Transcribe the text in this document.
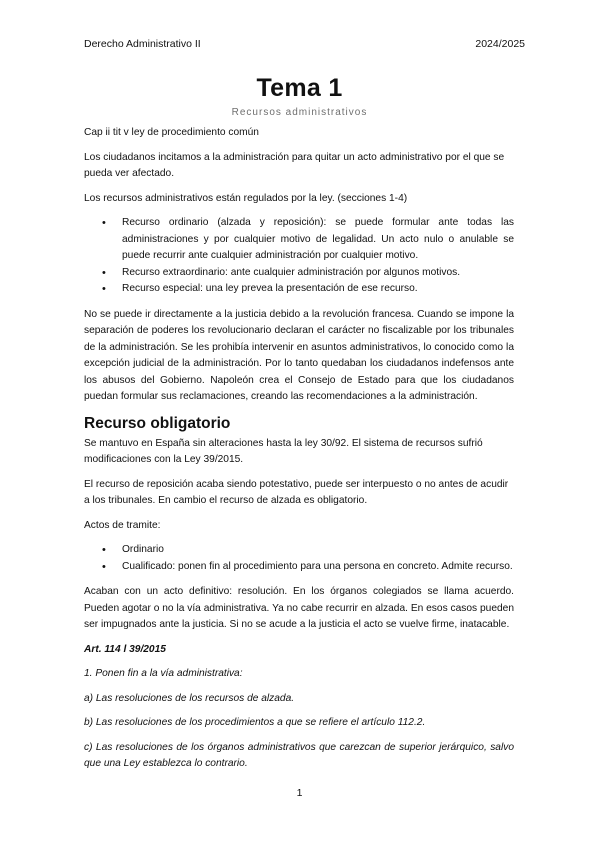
Derecho Administrativo II	2024/2025
Tema 1
Recursos administrativos

Cap ii tit v ley de procedimiento común

Los ciudadanos incitamos a la administración para quitar un acto administrativo por el que se pueda ver afectado.

Los recursos administrativos están regulados por la ley. (secciones 1-4)

• Recurso ordinario (alzada y reposición): se puede formular ante todas las administraciones y por cualquier motivo de legalidad. Un acto nulo o anulable se puede recurrir ante cualquier administración por cualquier motivo.
• Recurso extraordinario: ante cualquier administración por algunos motivos.
• Recurso especial: una ley prevea la presentación de ese recurso.

No se puede ir directamente a la justicia debido a la revolución francesa. Cuando se impone la separación de poderes los revolucionario declaran el carácter no fiscalizable por los tribunales de la administración. Se les prohibía intervenir en asuntos administrativos, lo conocido como la excepción judicial de la administración. Por lo tanto quedaban los ciudadanos indefensos ante los abusos del Gobierno. Napoleón crea el Consejo de Estado para que los ciudadanos puedan formular sus reclamaciones, creando las recomendaciones a la administración.

Recurso obligatorio

Se mantuvo en España sin alteraciones hasta la ley 30/92. El sistema de recursos sufrió modificaciones con la Ley 39/2015.

El recurso de reposición acaba siendo potestativo, puede ser interpuesto o no antes de acudir a los tribunales. En cambio el recurso de alzada es obligatorio.

Actos de tramite:

• Ordinario
• Cualificado: ponen fin al procedimiento para una persona en concreto. Admite recurso.

Acaban con un acto definitivo: resolución. En los órganos colegiados se llama acuerdo. Pueden agotar o no la vía administrativa. Ya no cabe recurrir en alzada. En esos casos pueden ser impugnados ante la justicia. Si no se acude a la justicia el acto se vuelve firme, inatacable.

Art. 114 l 39/2015

1. Ponen fin a la vía administrativa:

a) Las resoluciones de los recursos de alzada.

b) Las resoluciones de los procedimientos a que se refiere el artículo 112.2.

c) Las resoluciones de los órganos administrativos que carezcan de superior jerárquico, salvo que una Ley establezca lo contrario.

1
